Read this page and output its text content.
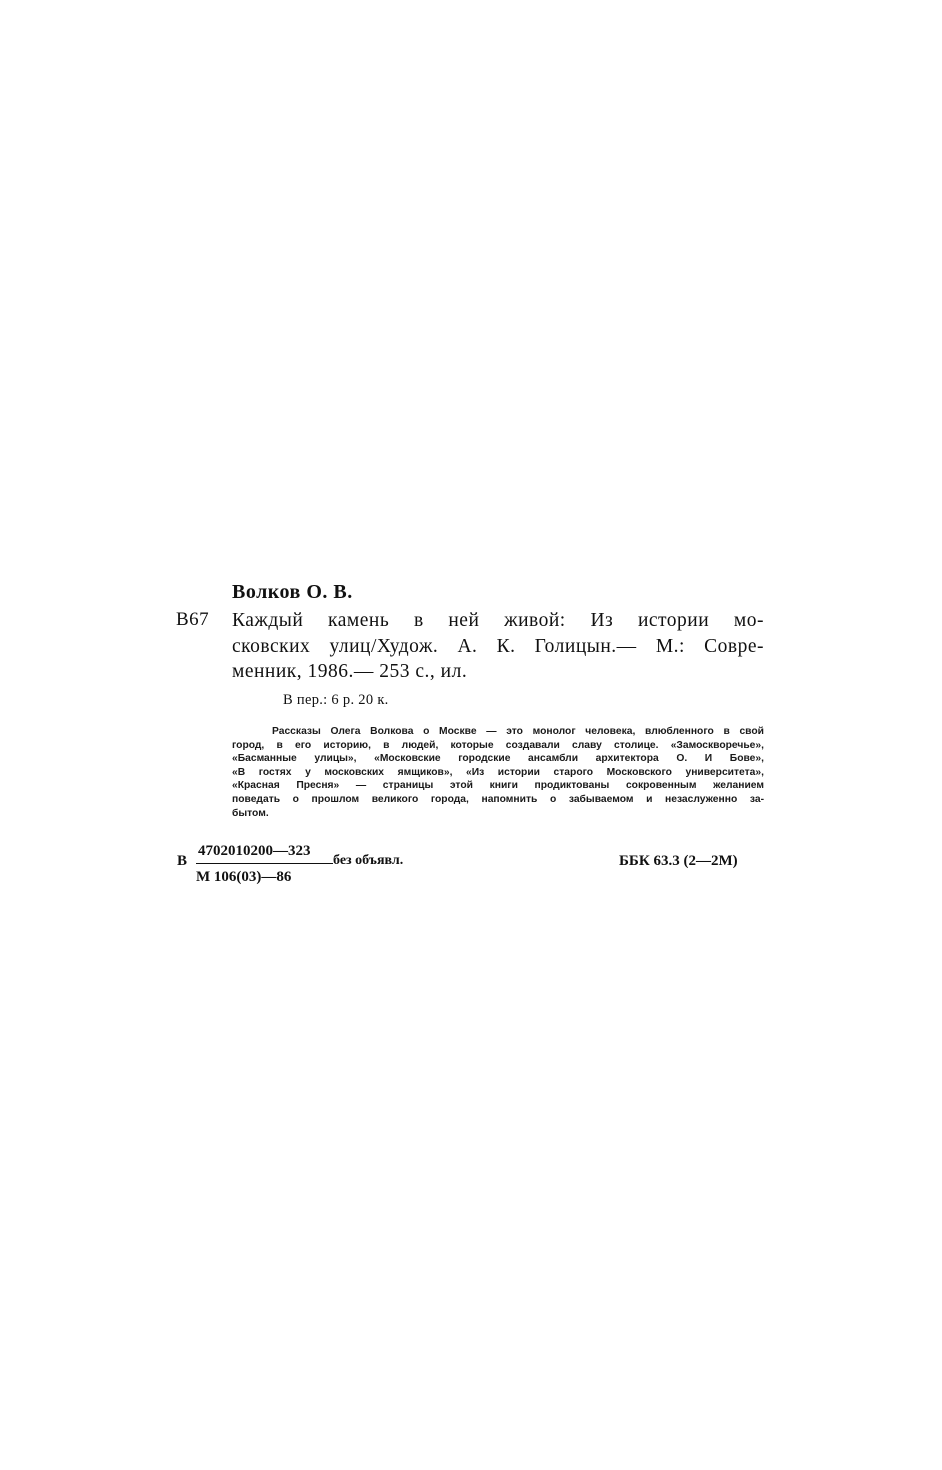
Волков О. В.
В67 Каждый камень в ней живой: Из истории мо-
сковских улиц/Худож. А. К. Голицын.— М.: Совре-
менник, 1986.— 253 с., ил.
В пер.: 6 р. 20 к.
Рассказы Олега Волкова о Москве — это монолог человека, влюбленного в свой
город, в его историю, в людей, которые создавали славу столице. «Замоскворечье»,
«Басманные улицы», «Московские городские ансамбли архитектора О. И Бове»,
«В гостях у московских ямщиков», «Из истории старого Московского университета»,
«Красная Пресня» — страницы этой книги продиктованы сокровенным желанием
поведать о прошлом великого города, напомнить о забываемом и незаслуженно за-
бытом.
В
4702010200—323
М 106(03)—86
без объявл.	ББК 63.3 (2—2М)
